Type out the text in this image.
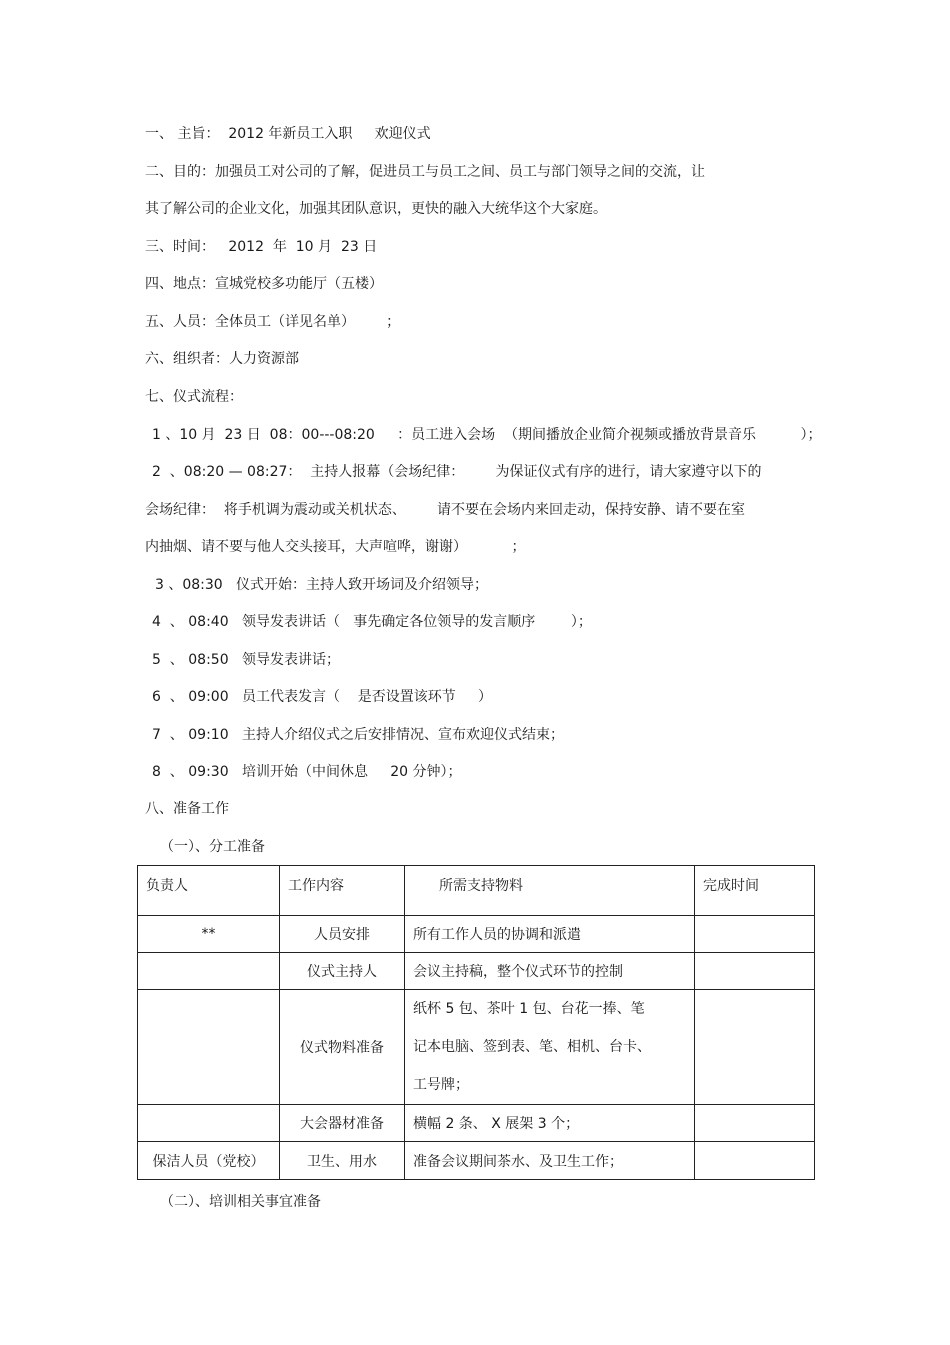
一、 主旨：  2012 年新员工入职     欢迎仪式
二、目的：加强员工对公司的了解，促进员工与员工之间、员工与部门领导之间的交流，让
其了解公司的企业文化，加强其团队意识，更快的融入大统华这个大家庭。
三、时间：   2012  年  10 月  23 日
四、地点：宣城党校多功能厅（五楼）
五、人员：全体员工（详见名单）       ；
六、组织者：人力资源部
七、仪式流程：
1 、10 月  23 日  08：00---08:20     ：员工进入会场  （期间播放企业简介视频或播放背景音乐          ）；
2  、08:20 — 08:27：  主持人报幕（会场纪律：       为保证仪式有序的进行，请大家遵守以下的
会场纪律：  将手机调为震动或关机状态、       请不要在会场内来回走动，保持安静、请不要在室
内抽烟、请不要与他人交头接耳，大声喧哗，谢谢）          ；
3 、08:30   仪式开始：主持人致开场词及介绍领导；
4  、 08:40   领导发表讲话（   事先确定各位领导的发言顺序        ）；
5  、 08:50   领导发表讲话；
6  、 09:00   员工代表发言（    是否设置该环节     ）
7  、 09:10   主持人介绍仪式之后安排情况、宣布欢迎仪式结束；
8  、 09:30   培训开始（中间休息     20 分钟）；
八、准备工作
（一）、分工准备
负责人	工作内容	所需支持物料	完成时间
**	人员安排	所有工作人员的协调和派遣	
	仪式主持人	会议主持稿，整个仪式环节的控制	
	仪式物料准备	纸杯 5 包、茶叶 1 包、台花一捧、笔
记本电脑、签到表、笔、相机、台卡、
工号牌；	

	大会器材准备	横幅 2 条、 X 展架 3 个；	
保洁人员（党校）	卫生、用水	准备会议期间茶水、及卫生工作；	
（二）、培训相关事宜准备
